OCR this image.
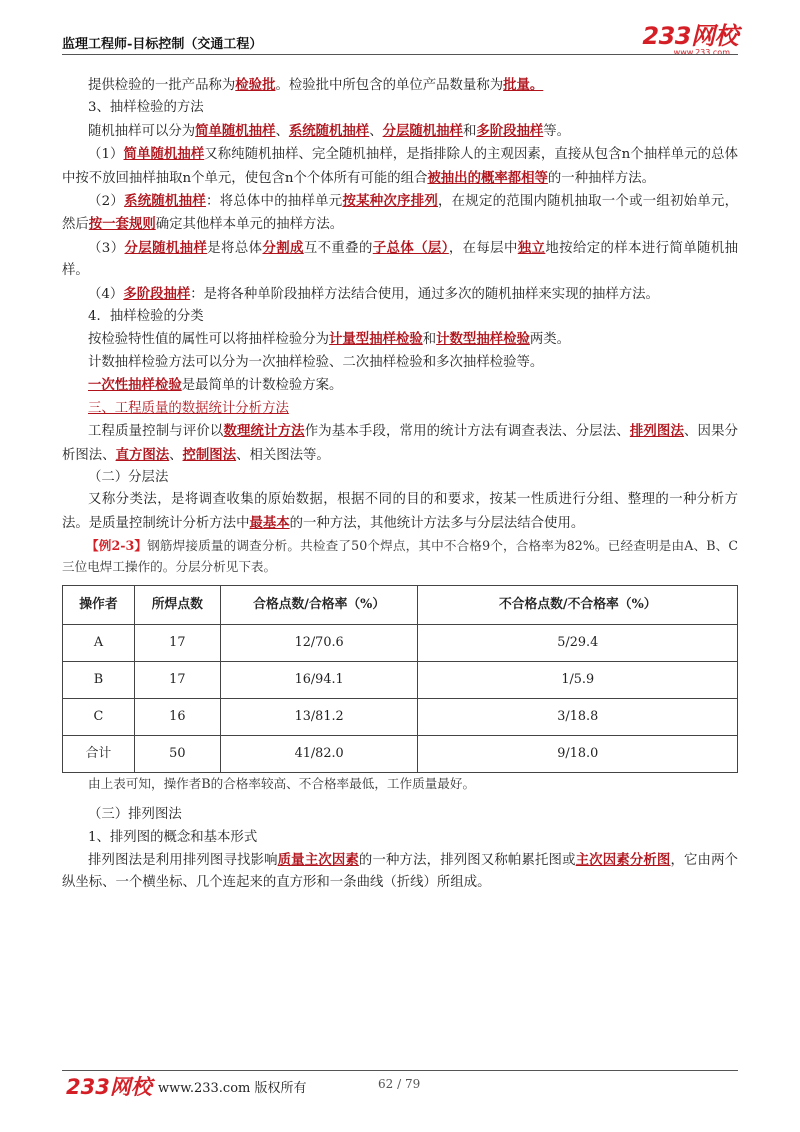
监理工程师-目标控制（交通工程）	233网校
www.233.com

提供检验的一批产品称为检验批。检验批中所包含的单位产品数量称为批量。

3、抽样检验的方法

随机抽样可以分为简单随机抽样、系统随机抽样、分层随机抽样和多阶段抽样等。

（1）简单随机抽样又称纯随机抽样、完全随机抽样，是指排除人的主观因素，直接从包含n个抽样单元的总体中按不放回抽样抽取n个单元，使包含n个个体所有可能的组合被抽出的概率都相等的一种抽样方法。

（2）系统随机抽样：将总体中的抽样单元按某种次序排列，在规定的范围内随机抽取一个或一组初始单元，然后按一套规则确定其他样本单元的抽样方法。

（3）分层随机抽样是将总体分割成互不重叠的子总体（层），在每层中独立地按给定的样本进行简单随机抽样。

（4）多阶段抽样：是将各种单阶段抽样方法结合使用，通过多次的随机抽样来实现的抽样方法。

4．抽样检验的分类

按检验特性值的属性可以将抽样检验分为计量型抽样检验和计数型抽样检验两类。

计数抽样检验方法可以分为一次抽样检验、二次抽样检验和多次抽样检验等。

一次性抽样检验是最简单的计数检验方案。

三、工程质量的数据统计分析方法

工程质量控制与评价以数理统计方法作为基本手段，常用的统计方法有调查表法、分层法、排列图法、因果分析图法、直方图法、控制图法、相关图法等。

（二）分层法

又称分类法，是将调查收集的原始数据，根据不同的目的和要求，按某一性质进行分组、整理的一种分析方法。是质量控制统计分析方法中最基本的一种方法，其他统计方法多与分层法结合使用。

【例2-3】钢筋焊接质量的调查分析。共检查了50个焊点，其中不合格9个，合格率为82%。已经查明是由A、B、C 三位电焊工操作的。分层分析见下表。

操作者	所焊点数	合格点数/合格率（%）	不合格点数/不合格率（%）
A	17	12/70.6	5/29.4
B	17	16/94.1	1/5.9
C	16	13/81.2	3/18.8
合计	50	41/82.0	9/18.0

由上表可知，操作者B的合格率较高、不合格率最低，工作质量最好。

（三）排列图法

1、排列图的概念和基本形式

排列图法是利用排列图寻找影响质量主次因素的一种方法，排列图又称帕累托图或主次因素分析图，它由两个纵坐标、一个横坐标、几个连起来的直方形和一条曲线（折线）所组成。

233网校 www.233.com 版权所有	62 / 79
